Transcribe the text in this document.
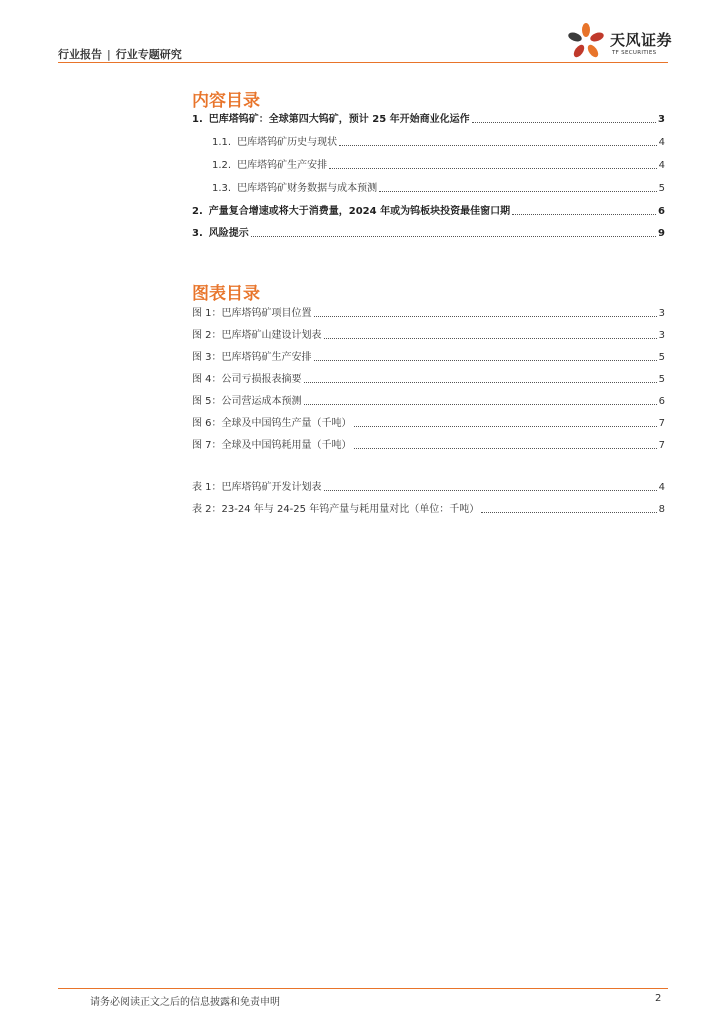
行业报告 | 行业专题研究
天风证券
TF SECURITIES
内容目录
1. 巴库塔钨矿：全球第四大钨矿，预计 25 年开始商业化运作	3
1.1. 巴库塔钨矿历史与现状	4
1.2. 巴库塔钨矿生产安排	4
1.3. 巴库塔钨矿财务数据与成本预测	5
2. 产量复合增速或将大于消费量，2024 年或为钨板块投资最佳窗口期	6
3. 风险提示	9
图表目录
图 1：巴库塔钨矿项目位置	3
图 2：巴库塔矿山建设计划表	3
图 3：巴库塔钨矿生产安排	5
图 4：公司亏损报表摘要	5
图 5：公司营运成本预测	6
图 6：全球及中国钨生产量（千吨）	7
图 7：全球及中国钨耗用量（千吨）	7
表 1：巴库塔钨矿开发计划表	4
表 2：23-24 年与 24-25 年钨产量与耗用量对比（单位：千吨）	8
请务必阅读正文之后的信息披露和免责申明	2
